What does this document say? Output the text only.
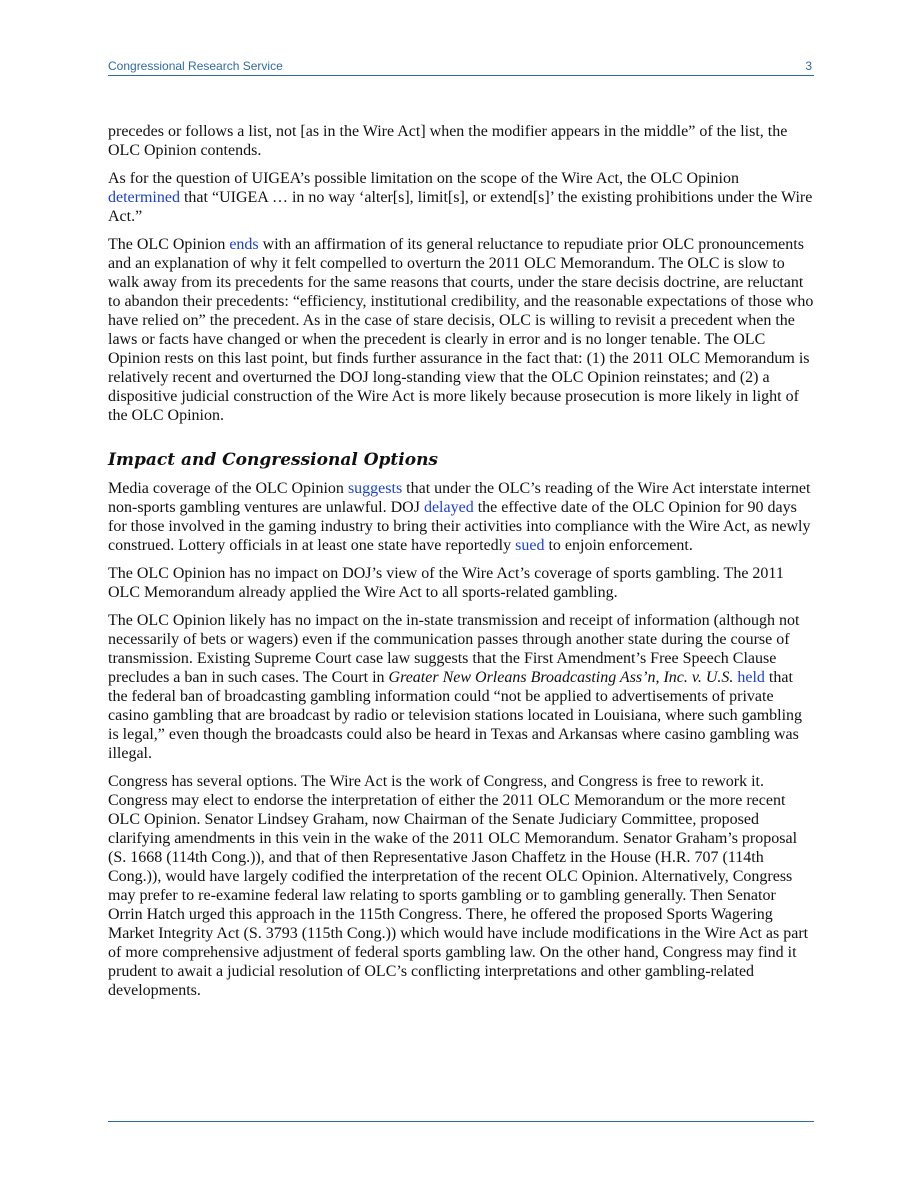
Congressional Research Service	3

precedes or follows a list, not [as in the Wire Act] when the modifier appears in the middle” of the list, the OLC Opinion contends.

As for the question of UIGEA’s possible limitation on the scope of the Wire Act, the OLC Opinion determined that “UIGEA … in no way ‘alter[s], limit[s], or extend[s]’ the existing prohibitions under the Wire Act.”

The OLC Opinion ends with an affirmation of its general reluctance to repudiate prior OLC pronouncements and an explanation of why it felt compelled to overturn the 2011 OLC Memorandum. The OLC is slow to walk away from its precedents for the same reasons that courts, under the stare decisis doctrine, are reluctant to abandon their precedents: “efficiency, institutional credibility, and the reasonable expectations of those who have relied on” the precedent. As in the case of stare decisis, OLC is willing to revisit a precedent when the laws or facts have changed or when the precedent is clearly in error and is no longer tenable. The OLC Opinion rests on this last point, but finds further assurance in the fact that: (1) the 2011 OLC Memorandum is relatively recent and overturned the DOJ long-standing view that the OLC Opinion reinstates; and (2) a dispositive judicial construction of the Wire Act is more likely because prosecution is more likely in light of the OLC Opinion.

Impact and Congressional Options

Media coverage of the OLC Opinion suggests that under the OLC’s reading of the Wire Act interstate internet non-sports gambling ventures are unlawful. DOJ delayed the effective date of the OLC Opinion for 90 days for those involved in the gaming industry to bring their activities into compliance with the Wire Act, as newly construed. Lottery officials in at least one state have reportedly sued to enjoin enforcement.

The OLC Opinion has no impact on DOJ’s view of the Wire Act’s coverage of sports gambling. The 2011 OLC Memorandum already applied the Wire Act to all sports-related gambling.

The OLC Opinion likely has no impact on the in-state transmission and receipt of information (although not necessarily of bets or wagers) even if the communication passes through another state during the course of transmission. Existing Supreme Court case law suggests that the First Amendment’s Free Speech Clause precludes a ban in such cases. The Court in Greater New Orleans Broadcasting Ass’n, Inc. v. U.S. held that the federal ban of broadcasting gambling information could “not be applied to advertisements of private casino gambling that are broadcast by radio or television stations located in Louisiana, where such gambling is legal,” even though the broadcasts could also be heard in Texas and Arkansas where casino gambling was illegal.

Congress has several options. The Wire Act is the work of Congress, and Congress is free to rework it. Congress may elect to endorse the interpretation of either the 2011 OLC Memorandum or the more recent OLC Opinion. Senator Lindsey Graham, now Chairman of the Senate Judiciary Committee, proposed clarifying amendments in this vein in the wake of the 2011 OLC Memorandum. Senator Graham’s proposal (S. 1668 (114th Cong.)), and that of then Representative Jason Chaffetz in the House (H.R. 707 (114th Cong.)), would have largely codified the interpretation of the recent OLC Opinion. Alternatively, Congress may prefer to re-examine federal law relating to sports gambling or to gambling generally. Then Senator Orrin Hatch urged this approach in the 115th Congress. There, he offered the proposed Sports Wagering Market Integrity Act (S. 3793 (115th Cong.)) which would have include modifications in the Wire Act as part of more comprehensive adjustment of federal sports gambling law. On the other hand, Congress may find it prudent to await a judicial resolution of OLC’s conflicting interpretations and other gambling-related developments.
